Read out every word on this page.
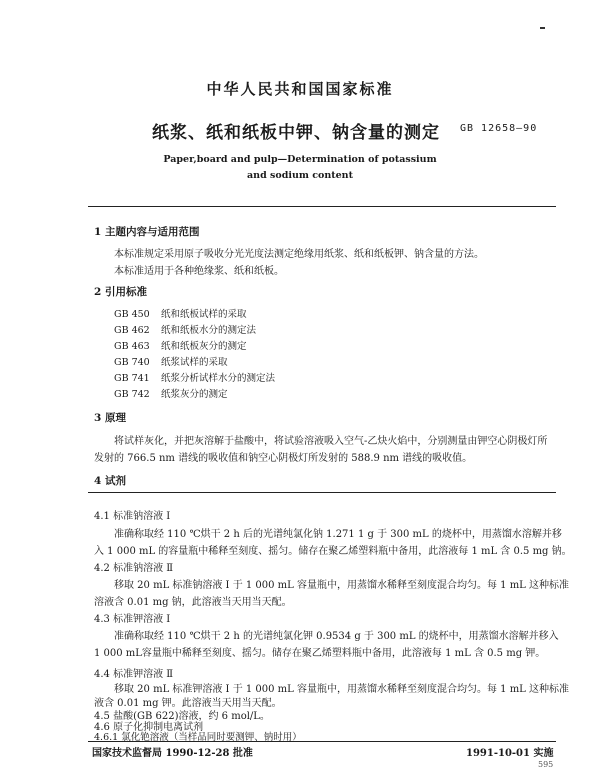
中华人民共和国国家标准
纸浆、纸和纸板中钾、钠含量的测定 GB 12658—90
Paper,board and pulp—Determination of potassium
and sodium content
1 主题内容与适用范围
本标准规定采用原子吸收分光光度法测定绝缘用纸浆、纸和纸板钾、钠含量的方法。
本标准适用于各种绝缘浆、纸和纸板。
2 引用标准
GB 450 纸和纸板试样的采取
GB 462 纸和纸板水分的测定法
GB 463 纸和纸板灰分的测定
GB 740 纸浆试样的采取
GB 741 纸浆分析试样水分的测定法
GB 742 纸浆灰分的测定
3 原理
将试样灰化，并把灰溶解于盐酸中，将试验溶液吸入空气-乙炔火焰中，分别测量由钾空心阴极灯所
发射的 766.5 nm 谱线的吸收值和钠空心阴极灯所发射的 588.9 nm 谱线的吸收值。
4 试剂
4.1 标准钠溶液 Ⅰ
准确称取经 110 ℃烘干 2 h 后的光谱纯氯化钠 1.271 1 g 于 300 mL 的烧杯中，用蒸馏水溶解并移
入 1 000 mL 的容量瓶中稀释至刻度、摇匀。储存在聚乙烯塑料瓶中备用，此溶液每 1 mL 含 0.5 mg 钠。
4.2 标准钠溶液 Ⅱ
移取 20 mL 标准钠溶液 Ⅰ 于 1 000 mL 容量瓶中，用蒸馏水稀释至刻度混合均匀。每 1 mL 这种标准
溶液含 0.01 mg 钠，此溶液当天用当天配。
4.3 标准钾溶液 Ⅰ
准确称取经 110 ℃烘干 2 h 的光谱纯氯化钾 0.9534 g 于 300 mL 的烧杯中，用蒸馏水溶解并移入
1 000 mL容量瓶中稀释至刻度、摇匀。储存在聚乙烯塑料瓶中备用，此溶液每 1 mL 含 0.5 mg 钾。
4.4 标准钾溶液 Ⅱ
移取 20 mL 标准钾溶液 Ⅰ 于 1 000 mL 容量瓶中，用蒸馏水稀释至刻度混合均匀。每 1 mL 这种标准
液含 0.01 mg 钾。此溶液当天用当天配。
4.5 盐酸(GB 622)溶液，约 6 mol/L。
国家技术监督局 1990-12-28 批准	1991-10-01 实施
595
4.6 原子化抑制电离试剂
4.6.1 氯化铯溶液（当样品同时要测钾、钠时用）
